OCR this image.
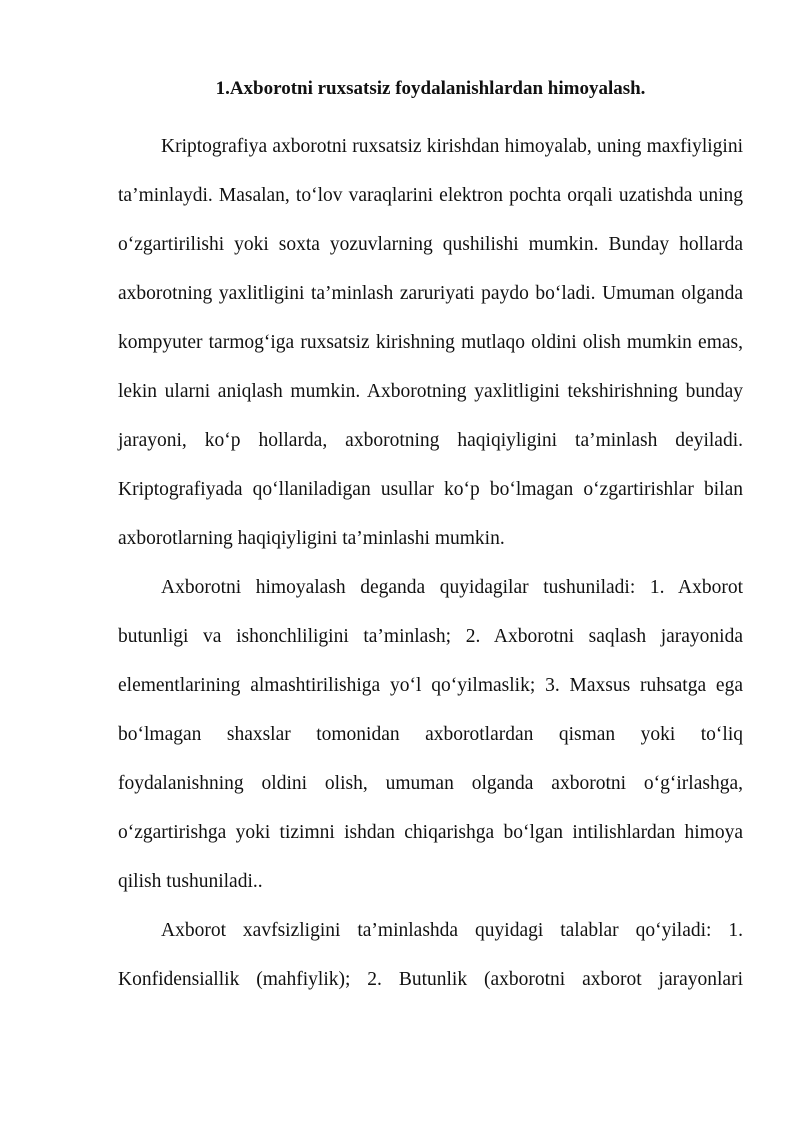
1.Axborotni ruxsatsiz foydalanishlardan himoyalash.

Kriptografiya axborotni ruxsatsiz kirishdan himoyalab, uning maxfiyligini ta’minlaydi. Masalan, to‘lov varaqlarini elektron pochta orqali uzatishda uning o‘zgartirilishi yoki soxta yozuvlarning qushilishi mumkin. Bunday hollarda axborotning yaxlitligini ta’minlash zaruriyati paydo bo‘ladi. Umuman olganda kompyuter tarmog‘iga ruxsatsiz kirishning mutlaqo oldini olish mumkin emas, lekin ularni aniqlash mumkin. Axborotning yaxlitligini tekshirishning bunday jarayoni, ko‘p hollarda, axborotning haqiqiyligini ta’minlash deyiladi. Kriptografiyada qo‘llaniladigan usullar ko‘p bo‘lmagan o‘zgartirishlar bilan axborotlarning haqiqiyligini ta’minlashi mumkin.

Axborotni himoyalash deganda quyidagilar tushuniladi: 1. Axborot butunligi va ishonchliligini ta’minlash; 2. Axborotni saqlash jarayonida elementlarining almashtirilishiga yo‘l qo‘yilmaslik; 3. Maxsus ruhsatga ega bo‘lmagan shaxslar tomonidan axborotlardan qisman yoki to‘liq foydalanishning oldini olish, umuman olganda axborotni o‘g‘irlashga, o‘zgartirishga yoki tizimni ishdan chiqarishga bo‘lgan intilishlardan himoya qilish tushuniladi..

Axborot xavfsizligini ta’minlashda quyidagi talablar qo‘yiladi: 1. Konfidensiallik (mahfiylik); 2. Butunlik (axborotni axborot jarayonlari
